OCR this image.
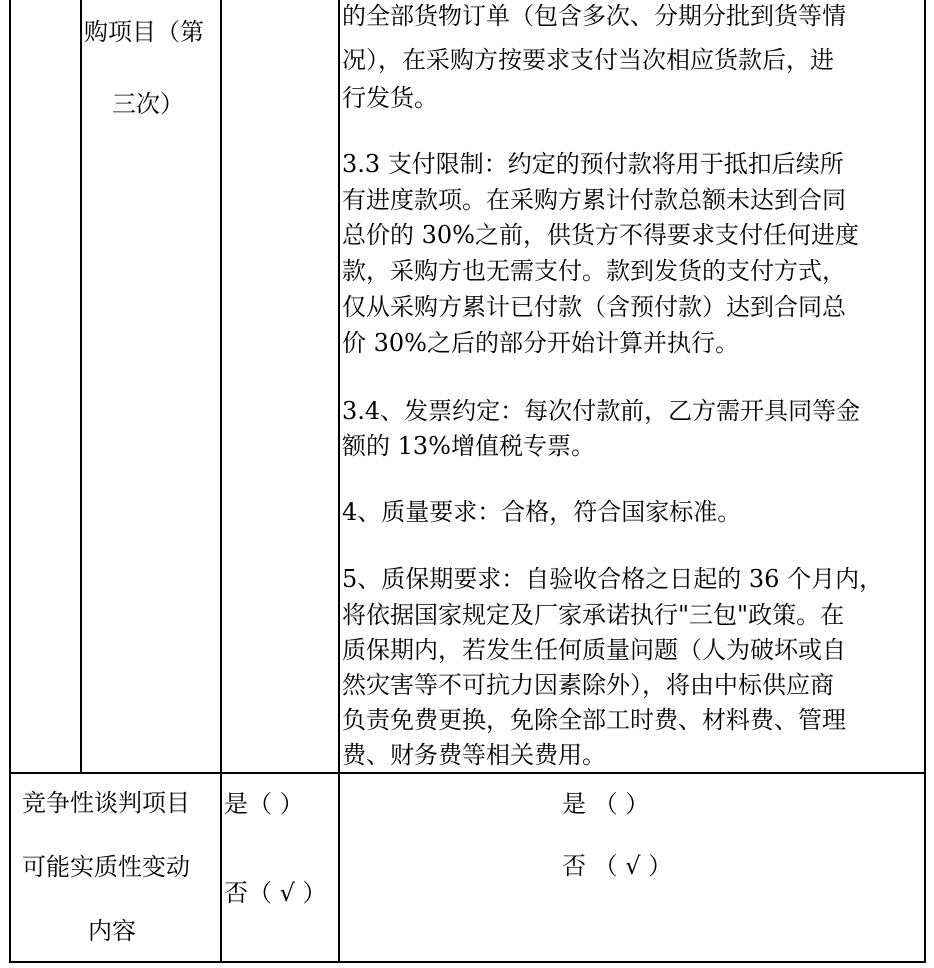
购项目（第
三次）
的全部货物订单（包含多次、分期分批到货等情
况），在采购方按要求支付当次相应货款后，进
行发货。
3.3 支付限制：约定的预付款将用于抵扣后续所
有进度款项。在采购方累计付款总额未达到合同
总价的 30%之前，供货方不得要求支付任何进度
款，采购方也无需支付。款到发货的支付方式，
仅从采购方累计已付款（含预付款）达到合同总
价 30%之后的部分开始计算并执行。
3.4、发票约定：每次付款前，乙方需开具同等金
额的 13%增值税专票。
4、质量要求：合格，符合国家标准。
5、质保期要求：自验收合格之日起的 36 个月内，
将依据国家规定及厂家承诺执行"三包"政策。在
质保期内，若发生任何质量问题（人为破坏或自
然灾害等不可抗力因素除外），将由中标供应商
负责免费更换，免除全部工时费、材料费、管理
费、财务费等相关费用。
竞争性谈判项目
可能实质性变动
内容
是（ ）
否（ √ ）
是 （ ）
否 （ √ ）
